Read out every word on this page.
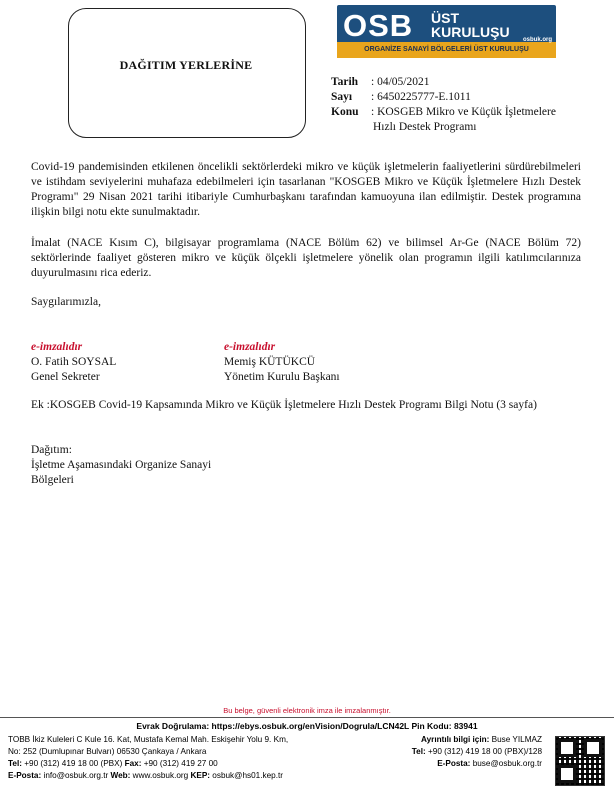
DAĞITIM YERLERİNE
OSB ÜST
KURULUŞU osbuk.org
ORGANİZE SANAYİ BÖLGELERİ ÜST KURULUŞU
Tarih : 04/05/2021
Sayı : 6450225777-E.1011
Konu : KOSGEB Mikro ve Küçük İşletmelere
Hızlı Destek Programı
Covid-19 pandemisinden etkilenen öncelikli sektörlerdeki mikro ve küçük işletmelerin faaliyetlerini sürdürebilmeleri ve istihdam seviyelerini muhafaza edebilmeleri için tasarlanan "KOSGEB Mikro ve Küçük İşletmelere Hızlı Destek Programı" 29 Nisan 2021 tarihi itibariyle Cumhurbaşkanı tarafından kamuoyuna ilan edilmiştir. Destek programına ilişkin bilgi notu ekte sunulmaktadır.
İmalat (NACE Kısım C), bilgisayar programlama (NACE Bölüm 62) ve bilimsel Ar-Ge (NACE Bölüm 72) sektörlerinde faaliyet gösteren mikro ve küçük ölçekli işletmelere yönelik olan programın ilgili katılımcılarınıza duyurulmasını rica ederiz.
Saygılarımızla,
e-imzalıdır
O. Fatih SOYSAL
Genel Sekreter
e-imzalıdır
Memiş KÜTÜKCÜ
Yönetim Kurulu Başkanı
Ek :KOSGEB Covid-19 Kapsamında Mikro ve Küçük İşletmelere Hızlı Destek Programı Bilgi Notu (3 sayfa)
Dağıtım:
İşletme Aşamasındaki Organize Sanayi
Bölgeleri
Bu belge, güvenli elektronik imza ile imzalanmıştır.
Evrak Doğrulama: https://ebys.osbuk.org/enVision/Dogrula/LCN42L Pin Kodu: 83941
TOBB İkiz Kuleleri C Kule 16. Kat, Mustafa Kemal Mah. Eskişehir Yolu 9. Km,
No: 252 (Dumlupınar Bulvarı) 06530 Çankaya / Ankara
Tel: +90 (312) 419 18 00 (PBX) Fax: +90 (312) 419 27 00
E-Posta: info@osbuk.org.tr Web: www.osbuk.org KEP: osbuk@hs01.kep.tr
Ayrıntılı bilgi için: Buse YILMAZ
Tel: +90 (312) 419 18 00 (PBX)/128
E-Posta: buse@osbuk.org.tr
